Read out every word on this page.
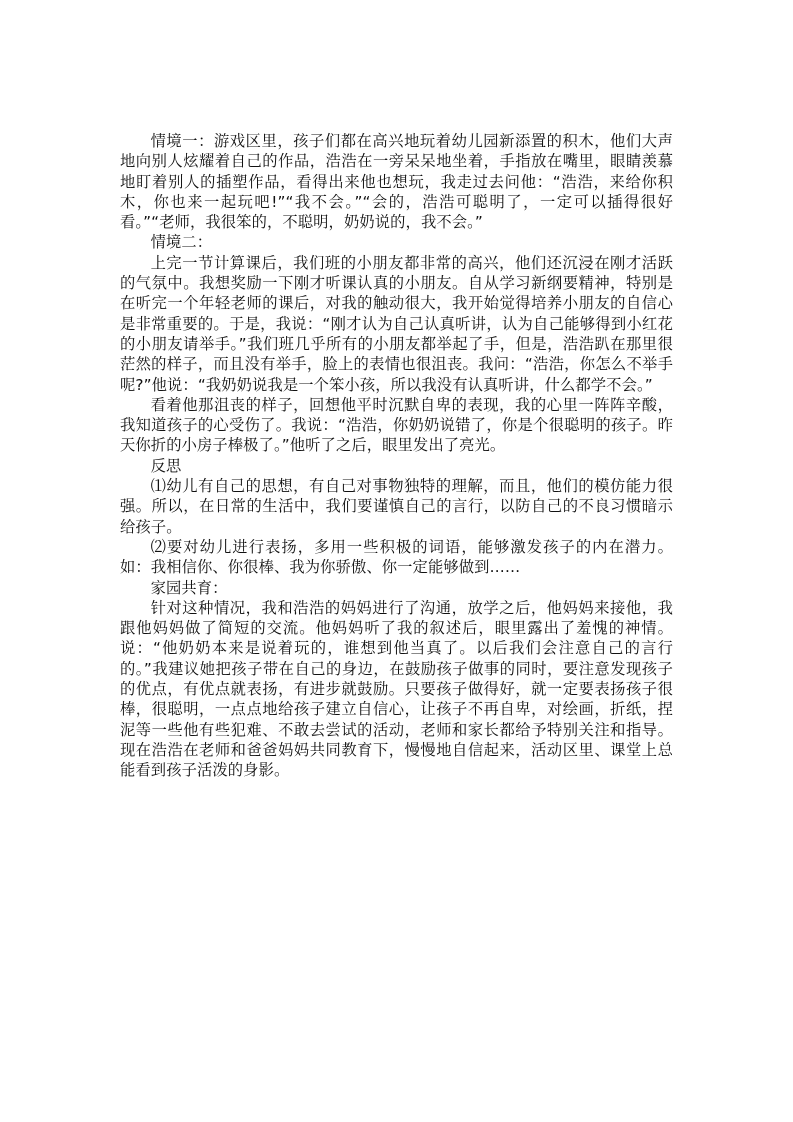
情境一：游戏区里，孩子们都在高兴地玩着幼儿园新添置的积木，他们大声地向别人炫耀着自己的作品，浩浩在一旁呆呆地坐着，手指放在嘴里，眼睛羡慕地盯着别人的插塑作品，看得出来他也想玩，我走过去问他：“浩浩，来给你积木，你也来一起玩吧!”“我不会。”“会的，浩浩可聪明了，一定可以插得很好看。”“老师，我很笨的，不聪明，奶奶说的，我不会。”

情境二：

上完一节计算课后，我们班的小朋友都非常的高兴，他们还沉浸在刚才活跃的气氛中。我想奖励一下刚才听课认真的小朋友。自从学习新纲要精神，特别是在听完一个年轻老师的课后，对我的触动很大，我开始觉得培养小朋友的自信心是非常重要的。于是，我说：“刚才认为自己认真听讲，认为自己能够得到小红花的小朋友请举手。”我们班几乎所有的小朋友都举起了手，但是，浩浩趴在那里很茫然的样子，而且没有举手，脸上的表情也很沮丧。我问：“浩浩，你怎么不举手呢?”他说：“我奶奶说我是一个笨小孩，所以我没有认真听讲，什么都学不会。”

看着他那沮丧的样子，回想他平时沉默自卑的表现，我的心里一阵阵辛酸，我知道孩子的心受伤了。我说：“浩浩，你奶奶说错了，你是个很聪明的孩子。昨天你折的小房子棒极了。”他听了之后，眼里发出了亮光。

反思

⑴幼儿有自己的思想，有自己对事物独特的理解，而且，他们的模仿能力很强。所以，在日常的生活中，我们要谨慎自己的言行，以防自己的不良习惯暗示给孩子。

⑵要对幼儿进行表扬，多用一些积极的词语，能够激发孩子的内在潜力。如：我相信你、你很棒、我为你骄傲、你一定能够做到……

家园共育：

针对这种情况，我和浩浩的妈妈进行了沟通，放学之后，他妈妈来接他，我跟他妈妈做了简短的交流。他妈妈听了我的叙述后，眼里露出了羞愧的神情。说：“他奶奶本来是说着玩的，谁想到他当真了。以后我们会注意自己的言行的。”我建议她把孩子带在自己的身边，在鼓励孩子做事的同时，要注意发现孩子的优点，有优点就表扬，有进步就鼓励。只要孩子做得好，就一定要表扬孩子很棒，很聪明，一点点地给孩子建立自信心，让孩子不再自卑，对绘画，折纸，捏泥等一些他有些犯难、不敢去尝试的活动，老师和家长都给予特别关注和指导。现在浩浩在老师和爸爸妈妈共同教育下，慢慢地自信起来，活动区里、课堂上总能看到孩子活泼的身影。
